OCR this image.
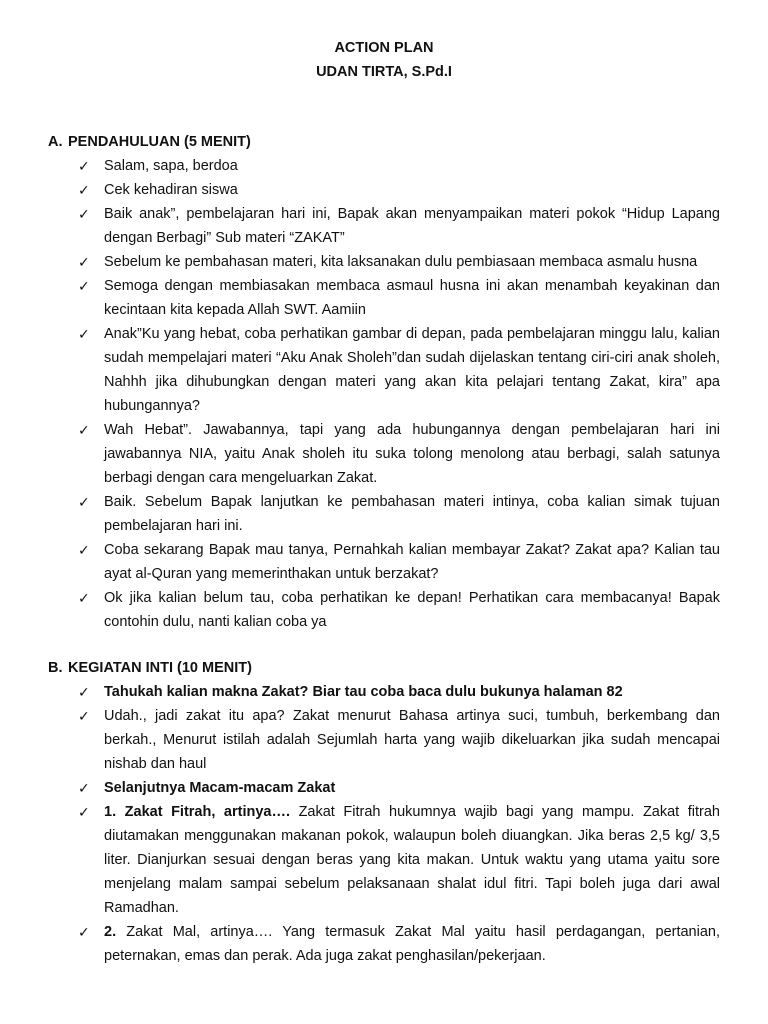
ACTION PLAN
UDAN TIRTA, S.Pd.I
A. PENDAHULUAN (5 MENIT)
✓ Salam, sapa, berdoa
✓ Cek kehadiran siswa
✓ Baik anak”, pembelajaran hari ini, Bapak akan menyampaikan materi pokok “Hidup Lapang dengan Berbagi” Sub materi “ZAKAT”
✓ Sebelum ke pembahasan materi, kita laksanakan dulu pembiasaan membaca asmalu husna
✓ Semoga dengan membiasakan membaca asmaul husna ini akan menambah keyakinan dan kecintaan kita kepada Allah SWT. Aamiin
✓ Anak”Ku yang hebat, coba perhatikan gambar di depan, pada pembelajaran minggu lalu, kalian sudah mempelajari materi “Aku Anak Sholeh”dan sudah dijelaskan tentang ciri-ciri anak sholeh, Nahhh jika dihubungkan dengan materi yang akan kita pelajari tentang Zakat, kira” apa hubungannya?
✓ Wah Hebat”. Jawabannya, tapi yang ada hubungannya dengan pembelajaran hari ini jawabannya NIA, yaitu Anak sholeh itu suka tolong menolong atau berbagi, salah satunya berbagi dengan cara mengeluarkan Zakat.
✓ Baik. Sebelum Bapak lanjutkan ke pembahasan materi intinya, coba kalian simak tujuan pembelajaran hari ini.
✓ Coba sekarang Bapak mau tanya, Pernahkah kalian membayar Zakat? Zakat apa? Kalian tau ayat al-Quran yang memerinthakan untuk berzakat?
✓ Ok jika kalian belum tau, coba perhatikan ke depan! Perhatikan cara membacanya! Bapak contohin dulu, nanti kalian coba ya
B. KEGIATAN INTI (10 MENIT)
✓ Tahukah kalian makna Zakat? Biar tau coba baca dulu bukunya halaman 82
✓ Udah., jadi zakat itu apa? Zakat menurut Bahasa artinya suci, tumbuh, berkembang dan berkah., Menurut istilah adalah Sejumlah harta yang wajib dikeluarkan jika sudah mencapai nishab dan haul
✓ Selanjutnya Macam-macam Zakat
✓ 1. Zakat Fitrah, artinya…. Zakat Fitrah hukumnya wajib bagi yang mampu. Zakat fitrah diutamakan menggunakan makanan pokok, walaupun boleh diuangkan. Jika beras 2,5 kg/ 3,5 liter. Dianjurkan sesuai dengan beras yang kita makan. Untuk waktu yang utama yaitu sore menjelang malam sampai sebelum pelaksanaan shalat idul fitri. Tapi boleh juga dari awal Ramadhan.
✓ 2. Zakat Mal, artinya…. Yang termasuk Zakat Mal yaitu hasil perdagangan, pertanian, peternakan, emas dan perak. Ada juga zakat penghasilan/pekerjaan.
